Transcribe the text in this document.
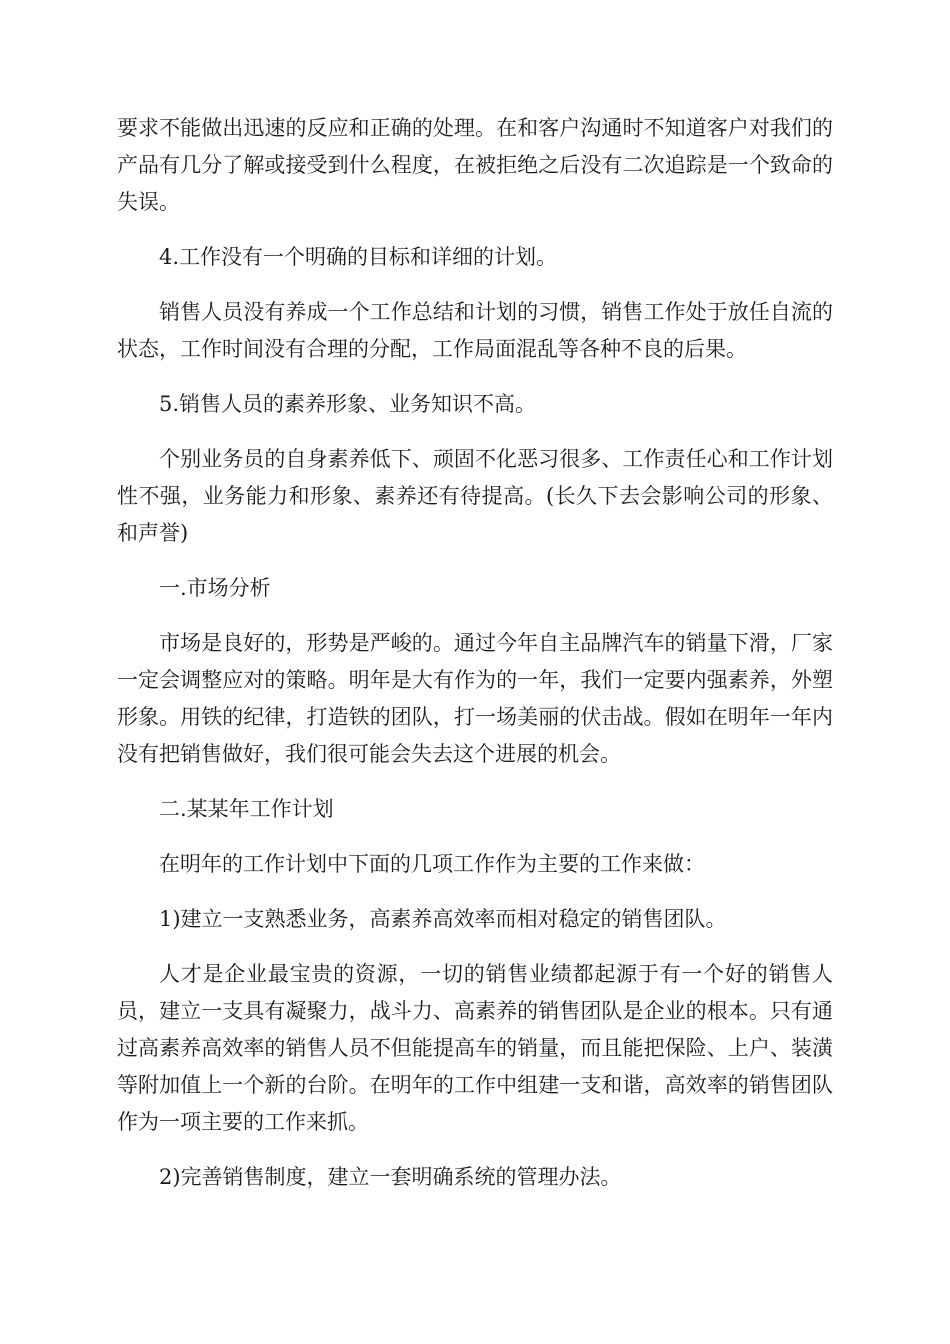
要求不能做出迅速的反应和正确的处理。在和客户沟通时不知道客户对我们的产品有几分了解或接受到什么程度，在被拒绝之后没有二次追踪是一个致命的失误。

4.工作没有一个明确的目标和详细的计划。

销售人员没有养成一个工作总结和计划的习惯，销售工作处于放任自流的状态，工作时间没有合理的分配，工作局面混乱等各种不良的后果。

5.销售人员的素养形象、业务知识不高。

个别业务员的自身素养低下、顽固不化恶习很多、工作责任心和工作计划性不强，业务能力和形象、素养还有待提高。(长久下去会影响公司的形象、和声誉)

一.市场分析

市场是良好的，形势是严峻的。通过今年自主品牌汽车的销量下滑，厂家一定会调整应对的策略。明年是大有作为的一年，我们一定要内强素养，外塑形象。用铁的纪律，打造铁的团队，打一场美丽的伏击战。假如在明年一年内没有把销售做好，我们很可能会失去这个进展的机会。

二.某某年工作计划

在明年的工作计划中下面的几项工作作为主要的工作来做：

1)建立一支熟悉业务，高素养高效率而相对稳定的销售团队。

人才是企业最宝贵的资源，一切的销售业绩都起源于有一个好的销售人员，建立一支具有凝聚力，战斗力、高素养的销售团队是企业的根本。只有通过高素养高效率的销售人员不但能提高车的销量，而且能把保险、上户、装潢等附加值上一个新的台阶。在明年的工作中组建一支和谐，高效率的销售团队作为一项主要的工作来抓。

2)完善销售制度，建立一套明确系统的管理办法。
